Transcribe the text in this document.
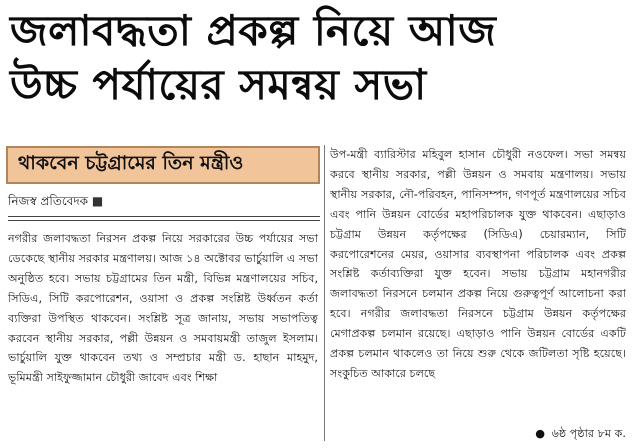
জলাবদ্ধতা প্রকল্প নিয়ে আজ
উচ্চ পর্যায়ের সমন্বয় সভা
থাকবেন চট্টগ্রামের তিন মন্ত্রীও
নিজস্ব প্রতিবেদক ■

নগরীর জলাবদ্ধতা নিরসন প্রকল্প নিয়ে সরকারের উচ্চ পর্যায়ের সভা ডেকেছে স্থানীয় সরকার মন্ত্রণালয়। আজ ১৪ অক্টোবর ভার্চুয়ালি এ সভা অনুষ্ঠিত হবে। সভায় চট্টগ্রামের তিন মন্ত্রী, বিভিন্ন মন্ত্রণালয়ের সচিব, সিডিএ, সিটি করপোরেশন, ওয়াসা ও প্রকল্প সংশ্লিষ্ট উর্ধ্বতন কর্তা ব্যক্তিরা উপস্থিত থাকবেন। সংশ্লিষ্ট সূত্র জানায়, সভায় সভাপতিত্ব করবেন স্থানীয় সরকার, পল্লী উন্নয়ন ও সমবায়মন্ত্রী তাজুল ইসলাম। ভার্চুয়ালি যুক্ত থাকবেন তথ্য ও সম্প্রচার মন্ত্রী ড. হাছান মাহমুদ, ভূমিমন্ত্রী সাইফুজ্জামান চৌধুরী জাবেদ এবং শিক্ষা

উপ-মন্ত্রী ব্যারিস্টার মহিবুল হাসান চৌধুরী নওফেল। সভা সমন্বয় করবে স্থানীয় সরকার, পল্লী উন্নয়ন ও সমবায় মন্ত্রণালয়। সভায় স্থানীয় সরকার, নৌ-পরিবহন, পানিসম্পদ, গণপূর্ত মন্ত্রণালয়ের সচিব এবং পানি উন্নয়ন বোর্ডের মহাপরিচালক যুক্ত থাকবেন। এছাড়াও চট্টগ্রাম উন্নয়ন কর্তৃপক্ষের (সিডিএ) চেয়ারম্যান, সিটি করপোরেশনের মেয়র, ওয়াসার ব্যবস্থাপনা পরিচালক এবং প্রকল্প সংশ্লিষ্ট কর্তাব্যক্তিরা যুক্ত হবেন। সভায় চট্টগ্রাম মহানগরীর জলাবদ্ধতা নিরসনে চলমান প্রকল্প নিয়ে গুরুত্বপূর্ণ আলোচনা করা হবে। নগরীর জলাবদ্ধতা নিরসনে চট্টগ্রাম উন্নয়ন কর্তৃপক্ষের মেগাপ্রকল্প চলমান রয়েছে। এছাড়াও পানি উন্নয়ন বোর্ডের একটি প্রকল্প চলমান থাকলেও তা নিয়ে শুরু থেকে জটিলতা সৃষ্টি হয়েছে। সংকুচিত আকারে চলছে

● ৬ষ্ঠ পৃষ্ঠার ৮ম ক.
